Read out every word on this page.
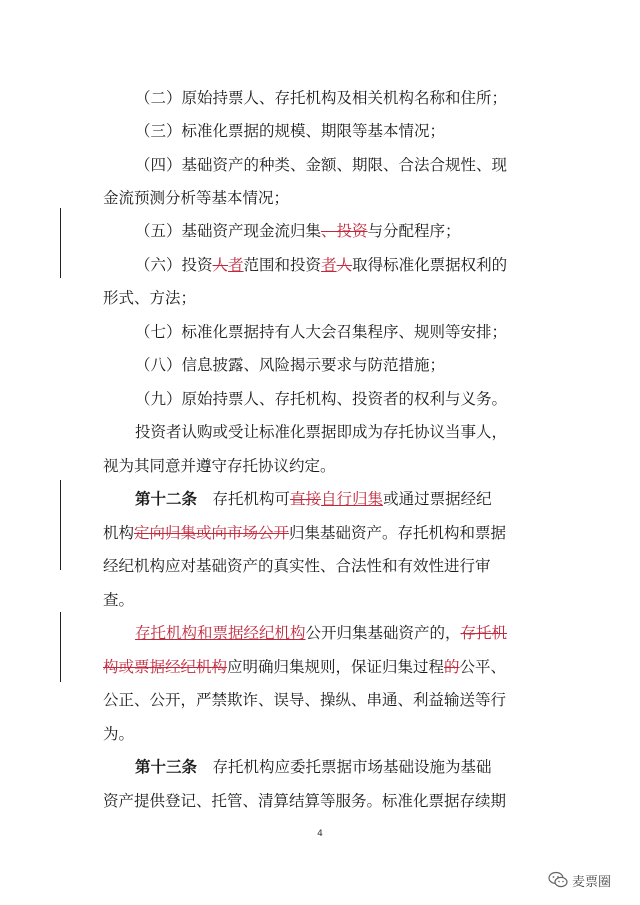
（二）原始持票人、存托机构及相关机构名称和住所；
（三）标准化票据的规模、期限等基本情况；
（四）基础资产的种类、金额、期限、合法合规性、现
金流预测分析等基本情况；
（五）基础资产现金流归集、投资与分配程序；
（六）投资人者范围和投资者人取得标准化票据权利的
形式、方法；
（七）标准化票据持有人大会召集程序、规则等安排；
（八）信息披露、风险揭示要求与防范措施；
（九）原始持票人、存托机构、投资者的权利与义务。
投资者认购或受让标准化票据即成为存托协议当事人，
视为其同意并遵守存托协议约定。
第十二条　存托机构可直接自行归集或通过票据经纪
机构定向归集或向市场公开归集基础资产。存托机构和票据
经纪机构应对基础资产的真实性、合法性和有效性进行审
查。
存托机构和票据经纪机构公开归集基础资产的，存托机
构或票据经纪机构应明确归集规则，保证归集过程的公平、
公正、公开，严禁欺诈、误导、操纵、串通、利益输送等行
为。
第十三条　存托机构应委托票据市场基础设施为基础
资产提供登记、托管、清算结算等服务。标准化票据存续期
4
麦票圈
